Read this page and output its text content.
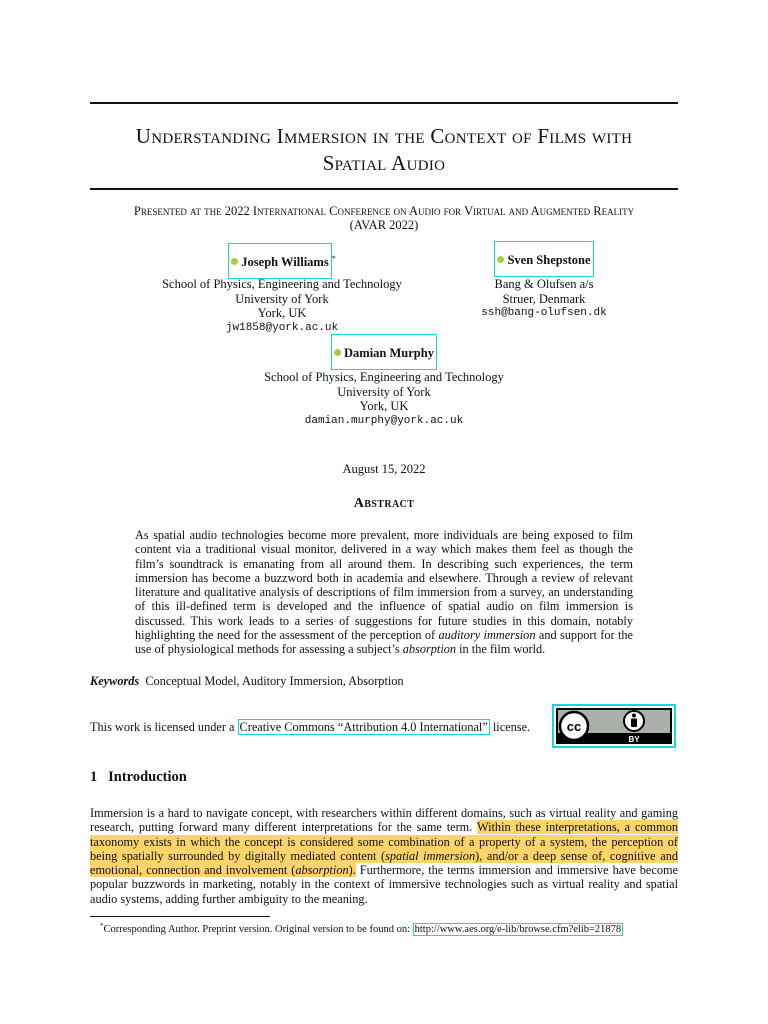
Understanding Immersion in the Context of Films with
Spatial Audio
Presented at the 2022 International Conference on Audio for Virtual and Augmented Reality
(AVAR 2022)
Joseph Williams *
School of Physics, Engineering and Technology
University of York
York, UK
jw1858@york.ac.uk
Sven Shepstone
Bang & Olufsen a/s
Struer, Denmark
ssh@bang-olufsen.dk
Damian Murphy
School of Physics, Engineering and Technology
University of York
York, UK
damian.murphy@york.ac.uk
August 15, 2022
Abstract
As spatial audio technologies become more prevalent, more individuals are being exposed to film content via a traditional visual monitor, delivered in a way which makes them feel as though the film’s soundtrack is emanating from all around them. In describing such experiences, the term immersion has become a buzzword both in academia and elsewhere. Through a review of relevant literature and qualitative analysis of descriptions of film immersion from a survey, an understanding of this ill-defined term is developed and the influence of spatial audio on film immersion is discussed. This work leads to a series of suggestions for future studies in this domain, notably highlighting the need for the assessment of the perception of auditory immersion and support for the use of physiological methods for assessing a subject’s absorption in the film world.
Keywords Conceptual Model, Auditory Immersion, Absorption
This work is licensed under a Creative Commons “Attribution 4.0 International” license.	cc
BY
1 Introduction
Immersion is a hard to navigate concept, with researchers within different domains, such as virtual reality and gaming research, putting forward many different interpretations for the same term. Within these interpretations, a common taxonomy exists in which the concept is considered some combination of a property of a system, the perception of being spatially surrounded by digitally mediated content (spatial immersion), and/or a deep sense of, cognitive and emotional, connection and involvement (absorption). Furthermore, the terms immersion and immersive have become popular buzzwords in marketing, notably in the context of immersive technologies such as virtual reality and spatial audio systems, adding further ambiguity to the meaning.
*Corresponding Author. Preprint version. Original version to be found on: http://www.aes.org/e-lib/browse.cfm?elib=21878
